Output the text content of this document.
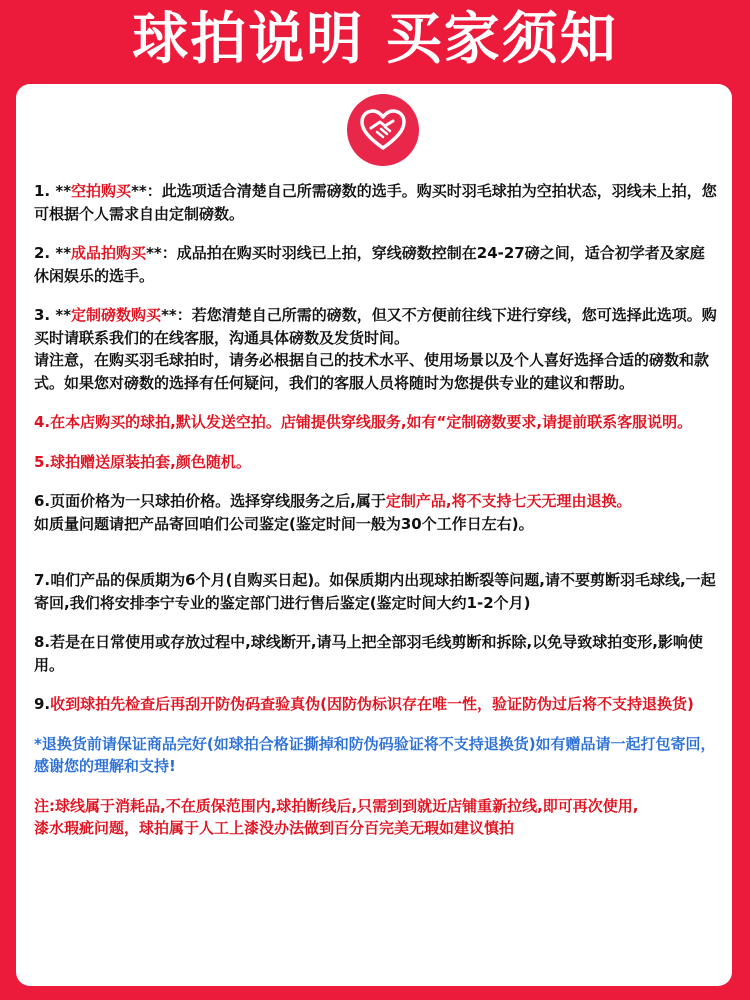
球拍说明 买家须知

1. **空拍购买**：此选项适合清楚自己所需磅数的选手。购买时羽毛球拍为空拍状态，羽线未上拍，您可根据个人需求自由定制磅数。

2. **成品拍购买**：成品拍在购买时羽线已上拍，穿线磅数控制在24-27磅之间，适合初学者及家庭休闲娱乐的选手。

3. **定制磅数购买**：若您清楚自己所需的磅数，但又不方便前往线下进行穿线，您可选择此选项。购买时请联系我们的在线客服，沟通具体磅数及发货时间。
请注意，在购买羽毛球拍时，请务必根据自己的技术水平、使用场景以及个人喜好选择合适的磅数和款式。如果您对磅数的选择有任何疑问，我们的客服人员将随时为您提供专业的建议和帮助。

4.在本店购买的球拍,默认发送空拍。店铺提供穿线服务,如有“定制磅数要求,请提前联系客服说明。

5.球拍赠送原装拍套,颜色随机。

6.页面价格为一只球拍价格。选择穿线服务之后,属于定制产品,将不支持七天无理由退换。
如质量问题请把产品寄回咱们公司鉴定(鉴定时间一般为30个工作日左右)。

7.咱们产品的保质期为6个月(自购买日起)。如保质期内出现球拍断裂等问题,请不要剪断羽毛球线,一起寄回,我们将安排李宁专业的鉴定部门进行售后鉴定(鉴定时间大约1-2个月)

8.若是在日常使用或存放过程中,球线断开,请马上把全部羽毛线剪断和拆除,以免导致球拍变形,影响使用。

9.收到球拍先检查后再刮开防伪码查验真伪(因防伪标识存在唯一性，验证防伪过后将不支持退换货)

*退换货前请保证商品完好(如球拍合格证撕掉和防伪码验证将不支持退换货)如有赠品请一起打包寄回，感谢您的理解和支持!

注:球线属于消耗品,不在质保范围内,球拍断线后,只需到到就近店铺重新拉线,即可再次使用,
漆水瑕疵问题，球拍属于人工上漆没办法做到百分百完美无瑕如建议慎拍
